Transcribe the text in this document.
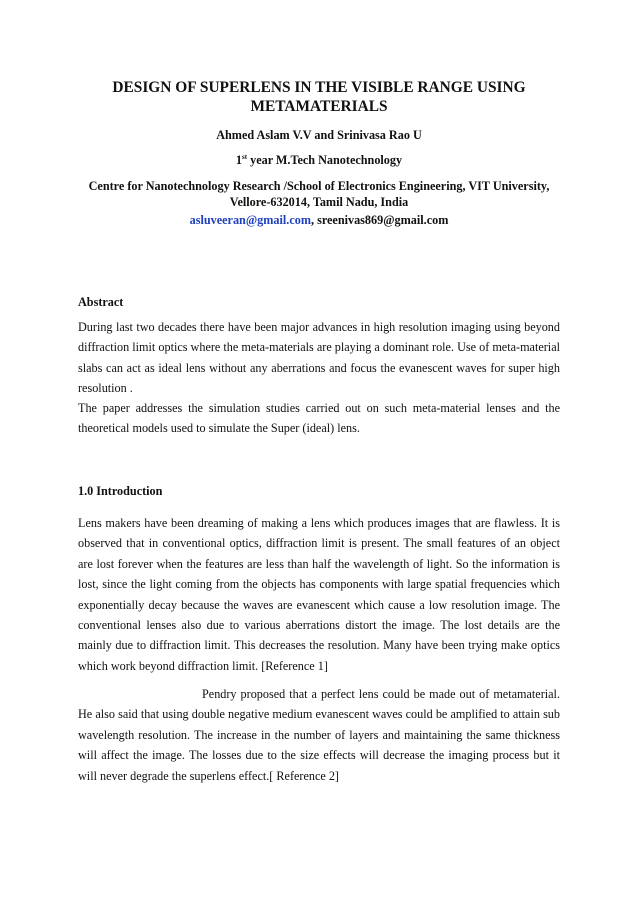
DESIGN OF SUPERLENS IN THE VISIBLE RANGE USING METAMATERIALS

Ahmed Aslam V.V and Srinivasa Rao U

1st year M.Tech Nanotechnology

Centre for Nanotechnology Research /School of Electronics Engineering, VIT University, Vellore-632014, Tamil Nadu, India

asluveeran@gmail.com, sreenivas869@gmail.com

Abstract

During last two decades there have been major advances in high resolution imaging using beyond diffraction limit optics where the meta-materials are playing a dominant role. Use of meta-material slabs can act as ideal lens without any aberrations and focus the evanescent waves for super high resolution .

The paper addresses the simulation studies carried out on such meta-material lenses and the theoretical models used to simulate the Super (ideal) lens.

1.0 Introduction

Lens makers have been dreaming of making a lens which produces images that are flawless. It is observed that in conventional optics, diffraction limit is present. The small features of an object are lost forever when the features are less than half the wavelength of light. So the information is lost, since the light coming from the objects has components with large spatial frequencies which exponentially decay because the waves are evanescent which cause a low resolution image. The conventional lenses also due to various aberrations distort the image. The lost details are the mainly due to diffraction limit. This decreases the resolution. Many have been trying make optics which work beyond diffraction limit. [Reference 1]

Pendry proposed that a perfect lens could be made out of metamaterial. He also said that using double negative medium evanescent waves could be amplified to attain sub wavelength resolution. The increase in the number of layers and maintaining the same thickness will affect the image. The losses due to the size effects will decrease the imaging process but it will never degrade the superlens effect.[ Reference 2]
